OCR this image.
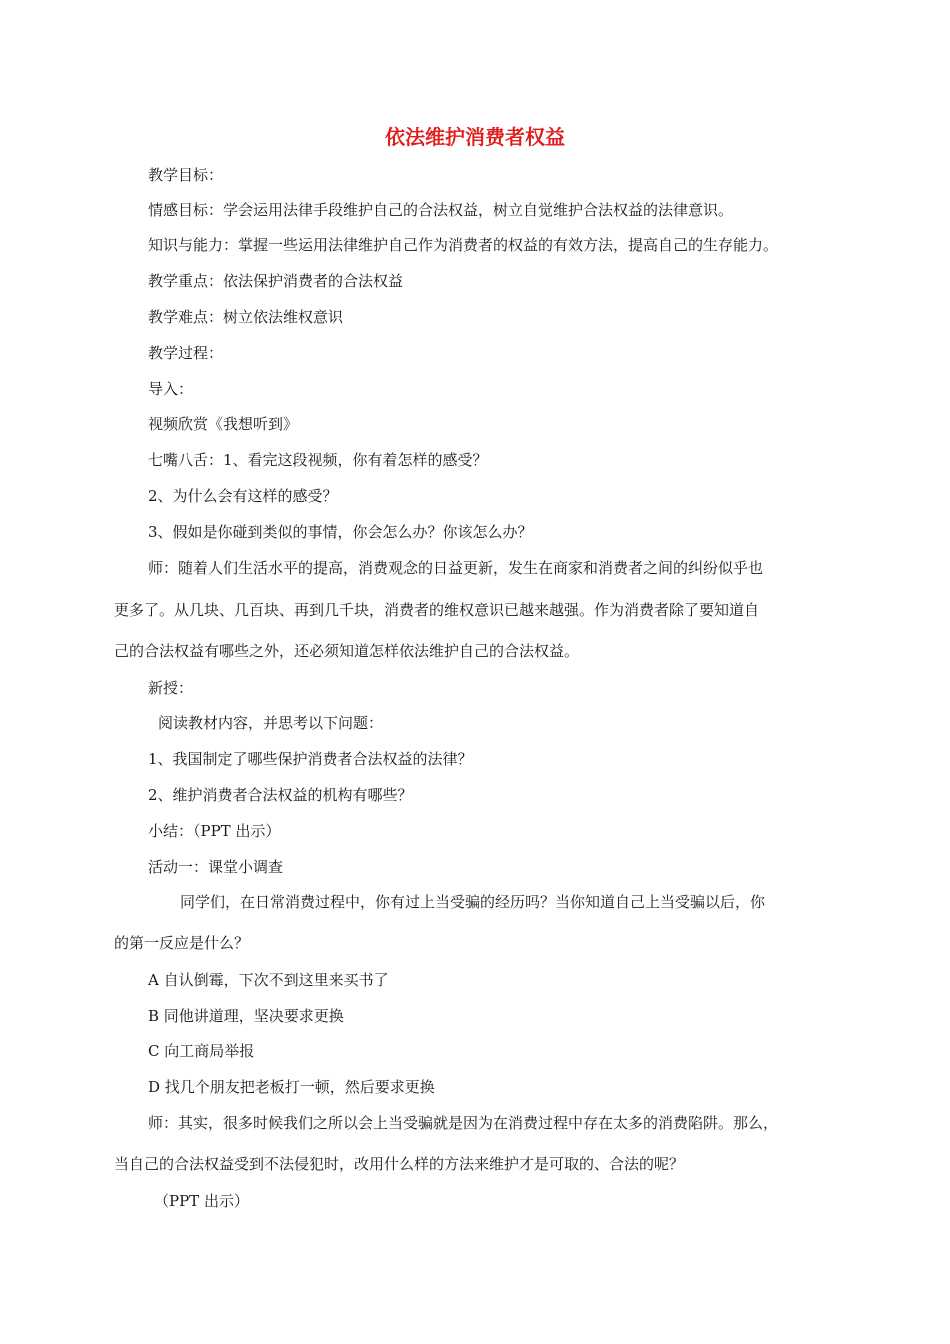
依法维护消费者权益

教学目标：

情感目标：学会运用法律手段维护自己的合法权益，树立自觉维护合法权益的法律意识。

知识与能力：掌握一些运用法律维护自己作为消费者的权益的有效方法，提高自己的生存能力。

教学重点：依法保护消费者的合法权益

教学难点：树立依法维权意识

教学过程：

导入：

视频欣赏《我想听到》

七嘴八舌：1、看完这段视频，你有着怎样的感受？

2、为什么会有这样的感受？

3、假如是你碰到类似的事情，你会怎么办？你该怎么办？

师：随着人们生活水平的提高，消费观念的日益更新，发生在商家和消费者之间的纠纷似乎也

更多了。从几块、几百块、再到几千块，消费者的维权意识已越来越强。作为消费者除了要知道自

己的合法权益有哪些之外，还必须知道怎样依法维护自己的合法权益。

新授：

阅读教材内容，并思考以下问题：

1、我国制定了哪些保护消费者合法权益的法律？

2、维护消费者合法权益的机构有哪些？

小结：（PPT 出示）

活动一：课堂小调查

同学们，在日常消费过程中，你有过上当受骗的经历吗？当你知道自己上当受骗以后，你

的第一反应是什么？

A 自认倒霉，下次不到这里来买书了

B 同他讲道理，坚决要求更换

C 向工商局举报

D 找几个朋友把老板打一顿，然后要求更换

师：其实，很多时候我们之所以会上当受骗就是因为在消费过程中存在太多的消费陷阱。那么，

当自己的合法权益受到不法侵犯时，改用什么样的方法来维护才是可取的、合法的呢？

（PPT 出示）
